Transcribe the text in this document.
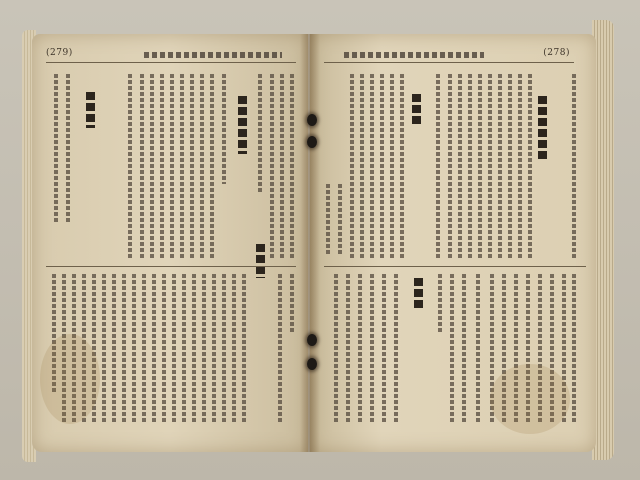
(279)	(278)
